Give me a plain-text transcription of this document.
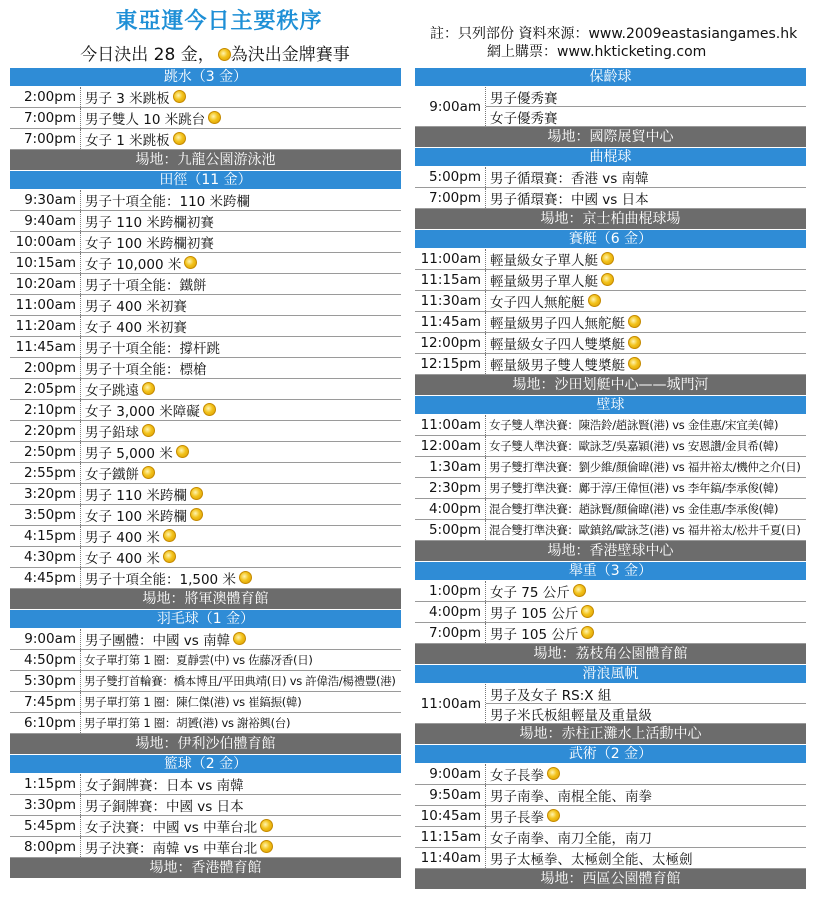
東亞運今日主要秩序
今日決出 28 金， 為決出金牌賽事
註：只列部份 資料來源：www.2009eastasiangames.hk
網上購票：www.hkticketing.com
跳水（3 金）
2:00pm 男子 3 米跳板
7:00pm 男子雙人 10 米跳台
7:00pm 女子 1 米跳板
場地：九龍公園游泳池
田徑（11 金）
9:30am 男子十項全能：110 米跨欄
9:40am 男子 110 米跨欄初賽
10:00am 女子 100 米跨欄初賽
10:15am 女子 10,000 米
10:20am 男子十項全能：鐵餅
11:00am 男子 400 米初賽
11:20am 女子 400 米初賽
11:45am 男子十項全能：撐杆跳
2:00pm 男子十項全能：標槍
2:05pm 女子跳遠
2:10pm 女子 3,000 米障礙
2:20pm 男子鉛球
2:50pm 男子 5,000 米
2:55pm 女子鐵餅
3:20pm 男子 110 米跨欄
3:50pm 女子 100 米跨欄
4:15pm 男子 400 米
4:30pm 女子 400 米
4:45pm 男子十項全能：1,500 米
場地：將軍澳體育館
羽毛球（1 金）
9:00am 男子團體：中國 vs 南韓
4:50pm 女子單打第 1 圈：夏靜雲(中) vs 佐藤冴香(日)
5:30pm 男子雙打首輪賽：橋本博且/平田典靖(日) vs 許偉浩/楊禮豐(港)
7:45pm 男子單打第 1 圈：陳仁傑(港) vs 崔鎬振(韓)
6:10pm 男子單打第 1 圈：胡贇(港) vs 謝裕興(台)
場地：伊利沙伯體育館
籃球（2 金）
1:15pm 女子銅牌賽：日本 vs 南韓
3:30pm 男子銅牌賽：中國 vs 日本
5:45pm 女子決賽：中國 vs 中華台北
8:00pm 男子決賽：南韓 vs 中華台北
場地：香港體育館
保齡球
9:00am 男子優秀賽
女子優秀賽
場地：國際展貿中心
曲棍球
5:00pm 男子循環賽：香港 vs 南韓
7:00pm 男子循環賽：中國 vs 日本
場地：京士柏曲棍球場
賽艇（6 金）
11:00am 輕量級女子單人艇
11:15am 輕量級男子單人艇
11:30am 女子四人無舵艇
11:45am 輕量級男子四人無舵艇
12:00pm 輕量級女子四人雙槳艇
12:15pm 輕量級男子雙人雙槳艇
場地：沙田划艇中心——城門河
壁球
11:00am 女子雙人準決賽：陳浩鈴/趙詠賢(港) vs 金佳惠/宋宜美(韓)
12:00am 女子雙人準決賽：歐詠芝/吳嘉穎(港) vs 安恩讚/金貝希(韓)
1:30am 男子雙打準決賽：劉少維/顏倫暐(港) vs 福井裕太/機仲之介(日)
2:30pm 男子雙打準決賽：鄺于淳/王偉恒(港) vs 李年鎬/李承俊(韓)
4:00pm 混合雙打準決賽：趙詠賢/顏倫暐(港) vs 金佳惠/李承俊(韓)
5:00pm 混合雙打準決賽：歐鎮銘/歐詠芝(港) vs 福井裕太/松井千夏(日)
場地：香港壁球中心
舉重（3 金）
1:00pm 女子 75 公斤
4:00pm 男子 105 公斤
7:00pm 男子 105 公斤
場地：荔枝角公園體育館
滑浪風帆
11:00am 男子及女子 RS:X 組
男子米氏板組輕量及重量級
場地：赤柱正灘水上活動中心
武術（2 金）
9:00am 女子長拳
9:50am 男子南拳、南棍全能、南拳
10:45am 男子長拳
11:15am 女子南拳、南刀全能，南刀
11:40am 男子太極拳、太極劍全能、太極劍
場地：西區公園體育館
